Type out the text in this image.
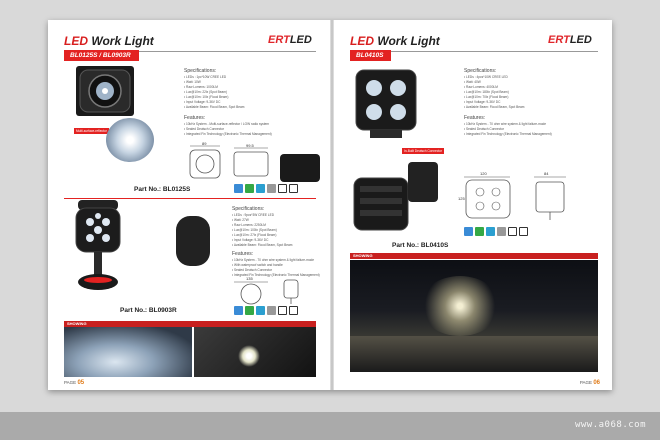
LED Work Light	ERTLED
BL0125S / BL0903R
Specifications:
• LEDs : 1pc*10W CREE LED
• Watt: 10W
• Raw Lumens: 1000LM
• Lux@10m: 22lx (Spot Beam)
• Lux@10m: 10lx (Flood Beam)
• Input Voltage: 9-36V DC
• Available Beam: Flood Beam, Spot Beam
Features:
• 10kHz System - Multi-surface-reflector / LOW radio system
• Sealed Deutsch Connector
• Integrated Fin Technology (Electronic Thermal Management)
Multi-surface-reflector
89	99.5
Part No.: BL0125S
Specifications:
• LEDs : 9pcs*3W CREE LED
• Watt: 27W
• Raw Lumens: 2250LM
• Lux@10m: 100lx (Spot Beam)
• Lux@10m: 27lx (Flood Beam)
• Input Voltage: 9-36V DC
• Available Beam: Flood Beam, Spot Beam
Features:
• 10kHz System - 70 ohm wire system & light failure-mode
• With waterproof switch and handle
• Sealed Deutsch Connector
• Integrated Fin Technology (Electronic Thermal Management)
135
Part No.: BL0903R
SHOWING
PAGE 05
LED Work Light	ERTLED
BL0410S
Specifications:
• LEDs : 4pcs*10W CREE LED
• Watt: 40W
• Raw Lumens: 4000LM
• Lux@10m: 180lx (Spot Beam)
• Lux@10m: 70lx (Flood Beam)
• Input Voltage: 9-36V DC
• Available Beam: Flood Beam, Spot Beam
Features:
• 10kHz System - 70 ohm wire system & light failure-mode
• Sealed Deutsch Connector
• Integrated Fin Technology (Electronic Thermal Management)
In-Built Deutsch Connector
120
125
84
Part No.: BL0410S
SHOWING
PAGE 06
www.a068.com
